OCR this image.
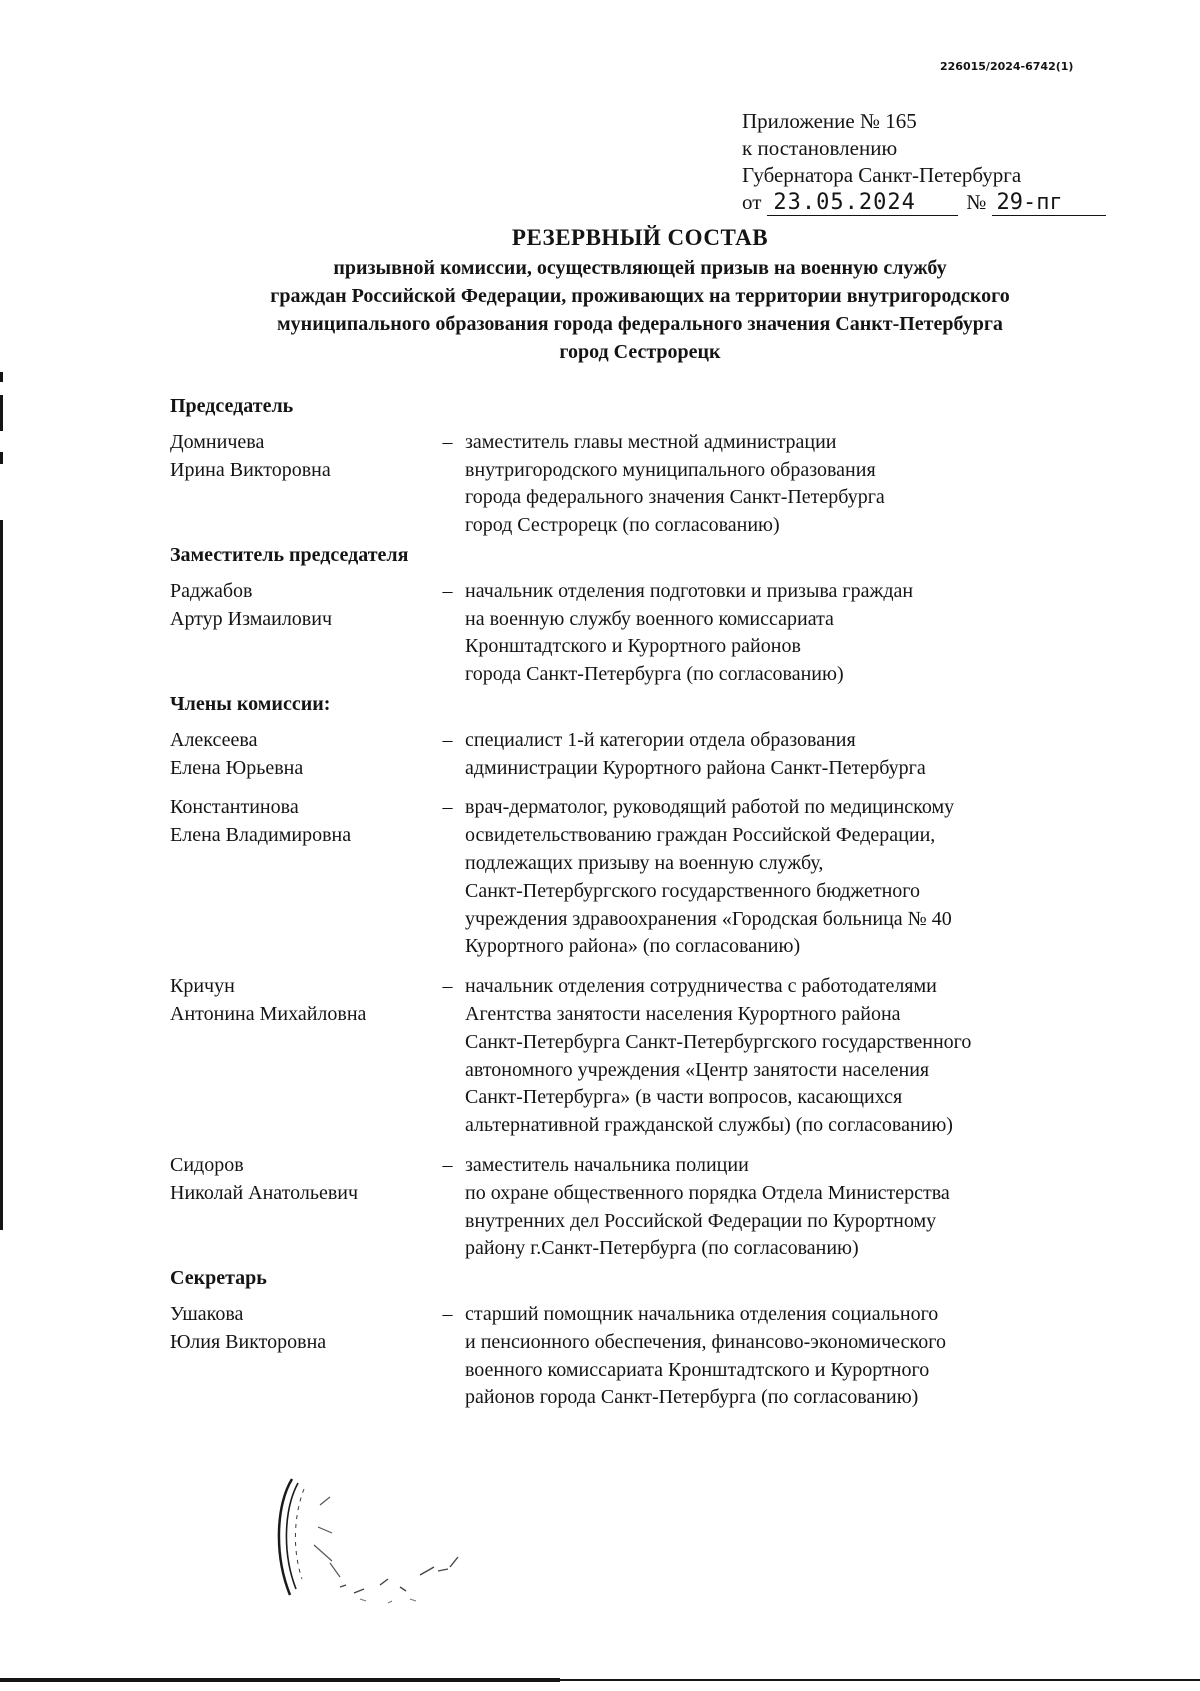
226015/2024-6742(1)
Приложение № 165
к постановлению
Губернатора Санкт-Петербурга
от 23.05.2024	№ 29-пг
РЕЗЕРВНЫЙ СОСТАВ
призывной комиссии, осуществляющей призыв на военную службу
граждан Российской Федерации, проживающих на территории внутригородского
муниципального образования города федерального значения Санкт-Петербурга
город Сестрорецк
Председатель
Домничева
Ирина Викторовна
– заместитель главы местной администрации
внутригородского муниципального образования
города федерального значения Санкт-Петербурга
город Сестрорецк (по согласованию)
Заместитель председателя
Раджабов
Артур Измаилович
– начальник отделения подготовки и призыва граждан
на военную службу военного комиссариата
Кронштадтского и Курортного районов
города Санкт-Петербурга (по согласованию)
Члены комиссии:
Алексеева
Елена Юрьевна
– специалист 1-й категории отдела образования
администрации Курортного района Санкт-Петербурга
Константинова
Елена Владимировна
– врач-дерматолог, руководящий работой по медицинскому
освидетельствованию граждан Российской Федерации,
подлежащих призыву на военную службу,
Санкт-Петербургского государственного бюджетного
учреждения здравоохранения «Городская больница № 40
Курортного района» (по согласованию)
Кричун
Антонина Михайловна
– начальник отделения сотрудничества с работодателями
Агентства занятости населения Курортного района
Санкт-Петербурга Санкт-Петербургского государственного
автономного учреждения «Центр занятости населения
Санкт-Петербурга» (в части вопросов, касающихся
альтернативной гражданской службы) (по согласованию)
Сидоров
Николай Анатольевич
– заместитель начальника полиции
по охране общественного порядка Отдела Министерства
внутренних дел Российской Федерации по Курортному
району г.Санкт-Петербурга (по согласованию)
Секретарь
Ушакова
Юлия Викторовна
– старший помощник начальника отделения социального
и пенсионного обеспечения, финансово-экономического
военного комиссариата Кронштадтского и Курортного
районов города Санкт-Петербурга (по согласованию)
